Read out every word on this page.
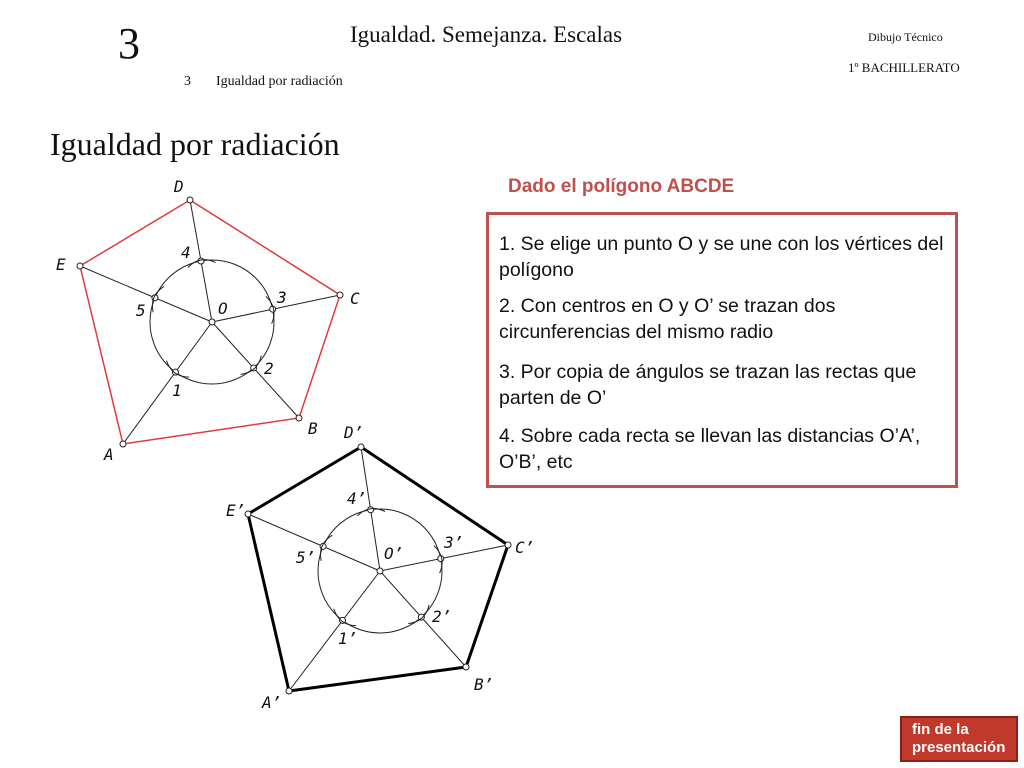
3	Igualdad. Semejanza. Escalas	Dibujo Técnico
1º BACHILLERATO
3 Igualdad por radiación
Igualdad por radiación
Dado el polígono ABCDE
1. Se elige un punto O y se une con los vértices del polígono
2. Con centros en O y O’ se trazan dos circunferencias del mismo radio
3. Por copia de ángulos se trazan las rectas que parten de O’
4. Sobre cada recta se llevan las distancias O’A’, O’B’, etc
A
B
C
D
E
O
1
2
3
4
5
A’
B’
C’
D’
E’
O’
1’
2’
3’
4’
5’
fin de la
presentación
